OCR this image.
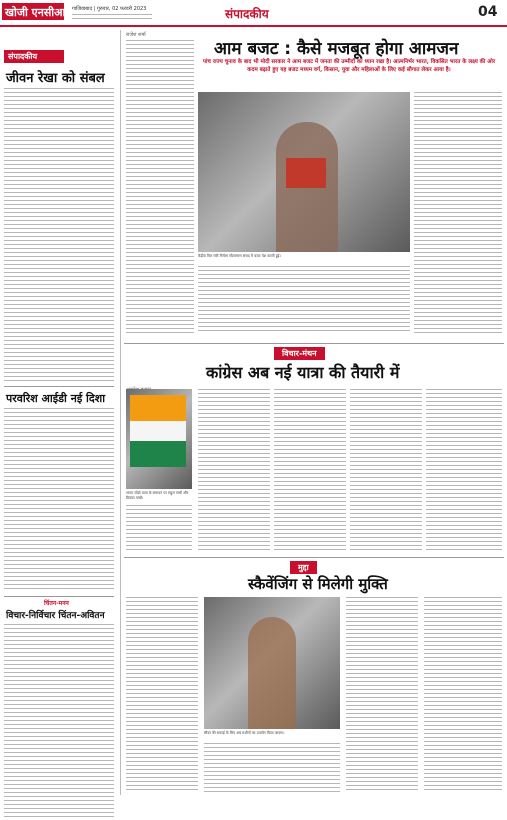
खोजी एनसीआर गाजियाबाद | गुरुवार, 02 फरवरी 2023	संपादकीय	04
संपादकीय
जीवन रेखा को संबल
परवरिश आईडी नई दिशा
चिंतन-मनन
विचार-निर्विचार चिंतन-अवितन
राजेश शर्मा
आम बजट : कैसे मजबूत होगा आमजन
पांच राज्य चुनाव के बाद भी मोदी सरकार ने आम बजट में जनता की उम्मीदों का ध्यान रखा है। आत्मनिर्भर भारत, विकसित भारत के लक्ष्य की ओर कदम बढ़ाते हुए यह बजट मध्यम वर्ग, किसान, युवा और महिलाओं के लिए कई सौगात लेकर आया है।
केंद्रीय वित्त मंत्री निर्मला सीतारमण संसद में बजट पेश करती हुईं।
विचार-मंथन
कांग्रेस अब नई यात्रा की तैयारी में
भारत जोड़ो यात्रा के समापन पर राहुल गांधी और प्रियंका गांधी।
मुद्दा
स्कैवेंजिंग से मिलेगी मुक्ति
सीवर की सफाई के लिए अब मशीनों का उपयोग किया जाएगा।
